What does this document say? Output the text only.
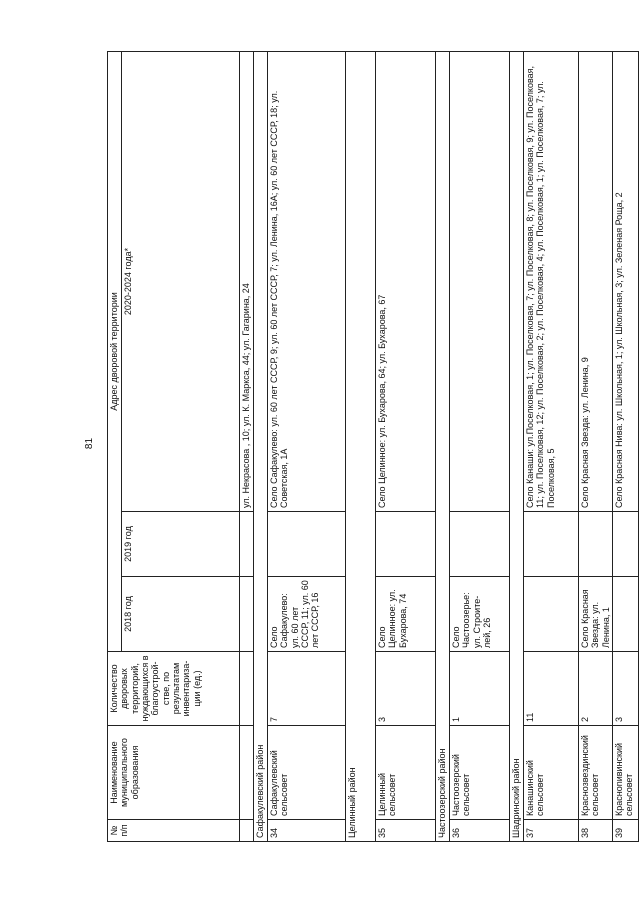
81
№ п/п	Наименование муниципального образования	Количество дворовых территорий, нуждающихся в благоустрой-стве, по результатам инвентариза-ции (ед.)	Адрес дворовой территории		
			2018 год	2019 год	2020-2024 года*
					ул. Некрасова , 10; ул. К. Маркса, 44; ул. Гагарина, 24
Сафакулевский район					
34	Сафакулевский сельсовет	7	Село Сафакулево: ул. 60 лет СССР, 11; ул. 60 лет СССР, 16		Село Сафакулево: ул. 60 лет СССР, 9; ул. 60 лет СССР, 7; ул. Ленина, 16А; ул. 60 лет СССР, 18; ул. Советская, 1А
Целинный район					
35	Целинный сельсовет	3	Село Целинное: ул. Бухарова, 74		Село Целинное: ул. Бухарова, 64; ул. Бухарова, 67
Частоозерский район					
36	Частоозерский сельсовет	1	Село Частоозерье: ул. Строите-лей, 26		
Шадринский район					
37	Канашинский сельсовет	11			Село Канаши: ул.Поселковая, 1; ул. Поселковая, 7; ул. Поселковая, 8; ул. Поселковая, 9; ул. Поселковая, 11; ул. Поселковая, 12; ул. Поселковая, 2; ул. Поселковая, 4; ул. Поселковая, 1; ул. Поселковая, 7; ул. Поселковая, 5
38	Краснозвездинский сельсовет	2	Село Красная Звезда: ул. Ленина, 1		Село Красная Звезда: ул. Ленина, 9
39	Красноnивинский сельсовет	3			Село Красная Нива: ул. Школьная, 1; ул. Школьная, 3; ул. Зеленая Роща, 2
